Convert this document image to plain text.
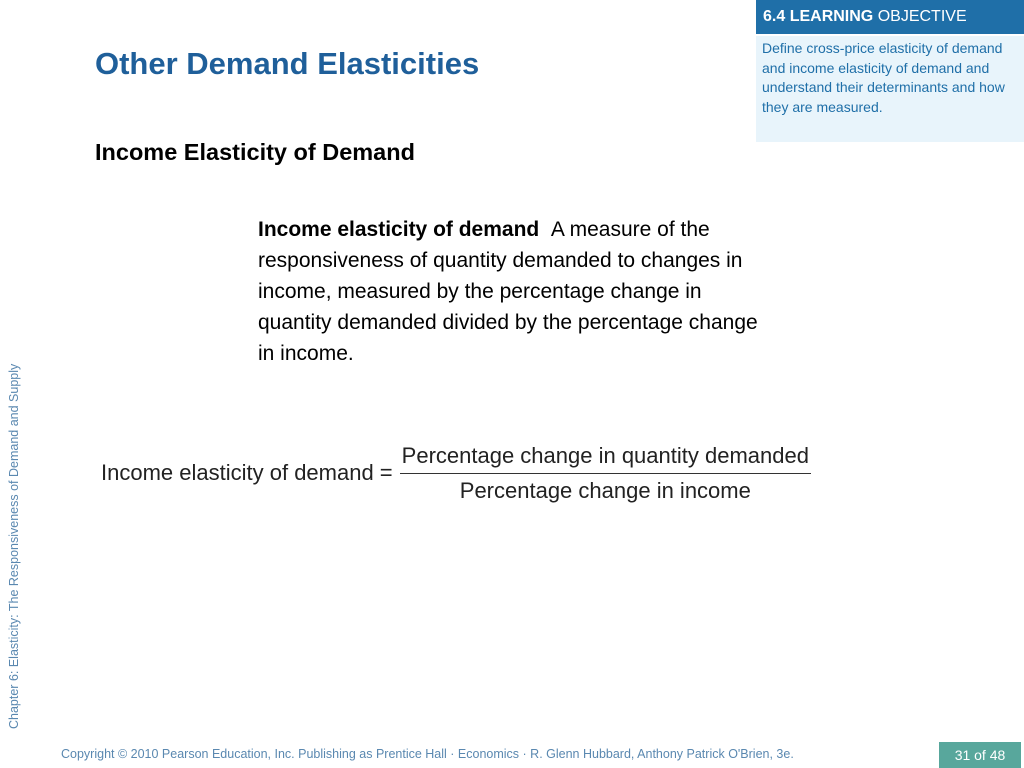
6.4 LEARNING OBJECTIVE
Define cross-price elasticity of demand and income elasticity of demand and understand their determinants and how they are measured.
Other Demand Elasticities
Income Elasticity of Demand

Income elasticity of demand A measure of the responsiveness of quantity demanded to changes in income, measured by the percentage change in quantity demanded divided by the percentage change in income.

Income elasticity of demand = $\frac{\text{Percentage change in quantity demanded}}{\text{Percentage change in income}}$
Chapter 6: Elasticity: The Responsiveness of Demand and Supply
Copyright © 2010 Pearson Education, Inc. Publishing as Prentice Hall · Economics · R. Glenn Hubbard, Anthony Patrick O'Brien, 3e.	31 of 48
